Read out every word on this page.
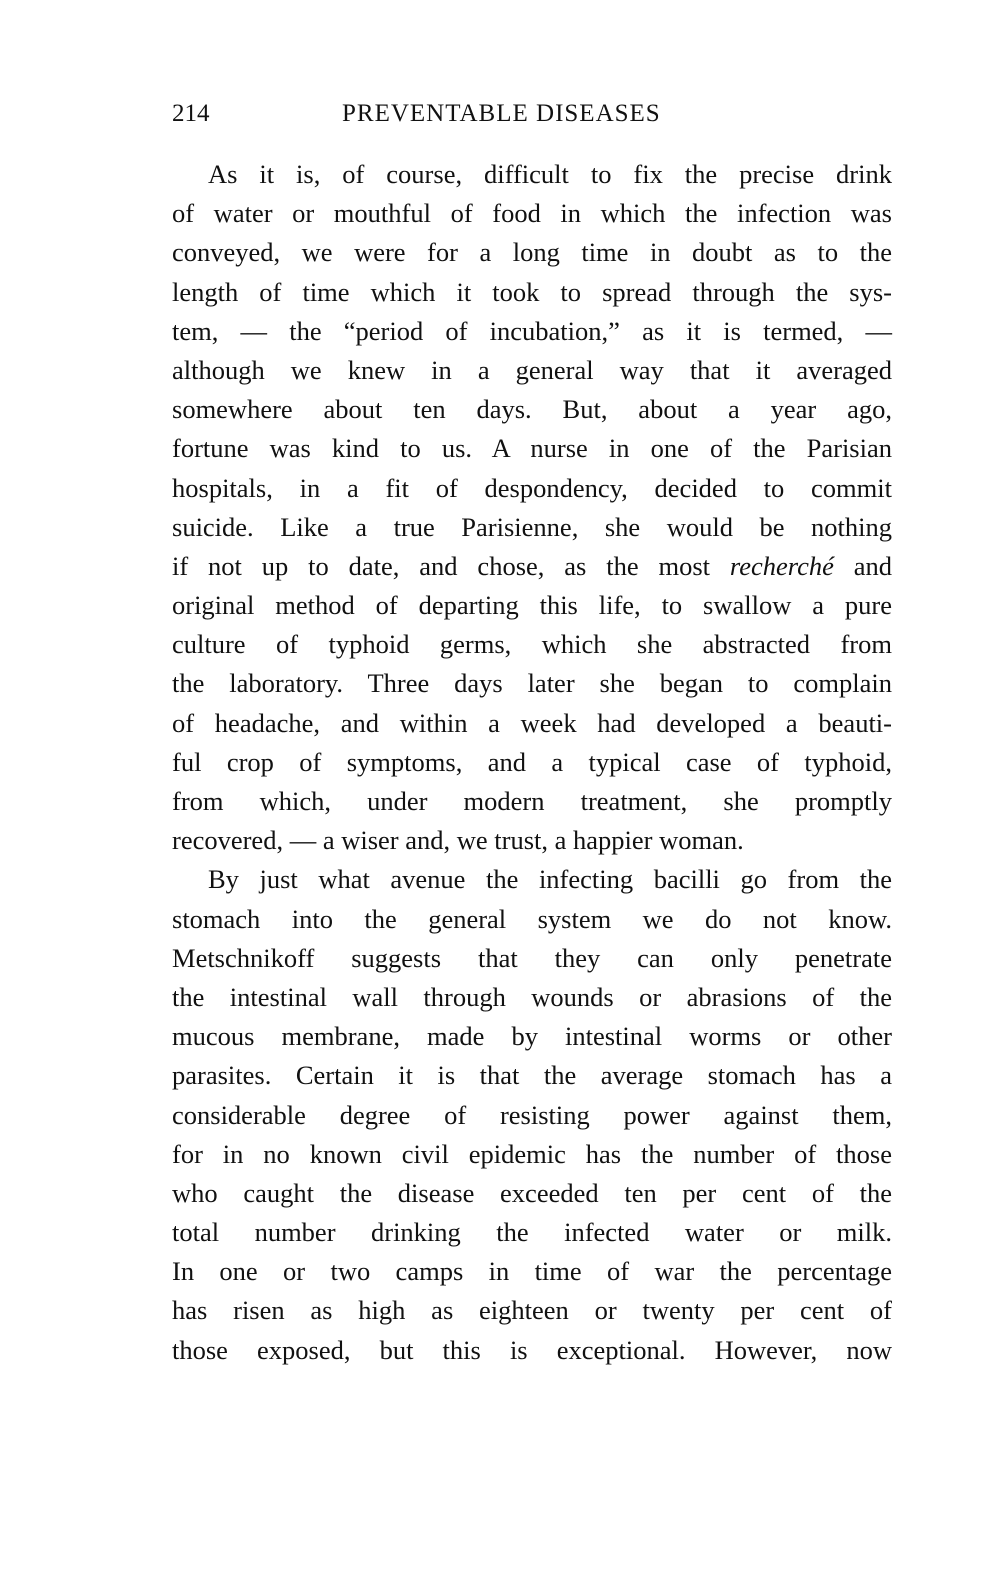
214	PREVENTABLE DISEASES
As it is, of course, difficult to fix the precise drink
of water or mouthful of food in which the infection was
conveyed, we were for a long time in doubt as to the
length of time which it took to spread through the sys-
tem, — the “period of incubation,” as it is termed, —
although we knew in a general way that it averaged
somewhere about ten days. But, about a year ago,
fortune was kind to us. A nurse in one of the Parisian
hospitals, in a fit of despondency, decided to commit
suicide. Like a true Parisienne, she would be nothing
if not up to date, and chose, as the most recherché and
original method of departing this life, to swallow a pure
culture of typhoid germs, which she abstracted from
the laboratory. Three days later she began to complain
of headache, and within a week had developed a beauti-
ful crop of symptoms, and a typical case of typhoid,
from which, under modern treatment, she promptly
recovered, — a wiser and, we trust, a happier woman.
By just what avenue the infecting bacilli go from the
stomach into the general system we do not know.
Metschnikoff suggests that they can only penetrate
the intestinal wall through wounds or abrasions of the
mucous membrane, made by intestinal worms or other
parasites. Certain it is that the average stomach has a
considerable degree of resisting power against them,
for in no known civil epidemic has the number of those
who caught the disease exceeded ten per cent of the
total number drinking the infected water or milk.
In one or two camps in time of war the percentage
has risen as high as eighteen or twenty per cent of
those exposed, but this is exceptional. However, now
